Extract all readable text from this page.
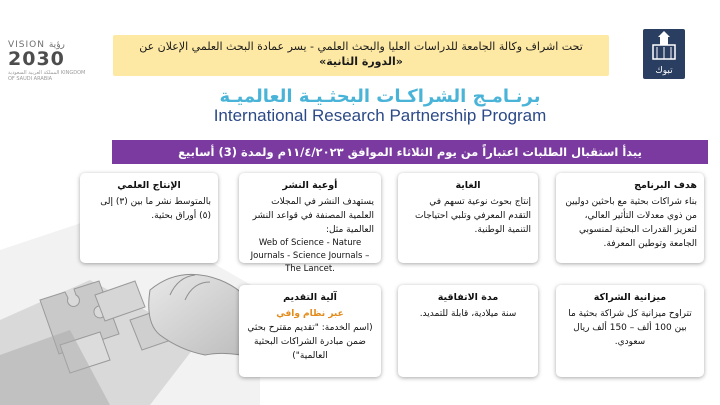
VISION رؤية
2030
المملكة العربية السعودية KINGDOM OF SAUDI ARABIA
تبوك
تحت اشراف وكالة الجامعة للدراسات العليا والبحث العلمي - يسر عمادة البحث العلمي الإعلان عن
«الدورة الثانية»
برنـامـج الشراكـات البحثـيـة العالميـة
International Research Partnership Program
يبدأ استقبال الطلبات اعتباراً من يوم الثلاثاء الموافق ١١/٤/٢٠٢٣م ولمدة (3) أسابيع
هدف البرنامج
بناء شراكات بحثية مع باحثين دوليين من ذوي معدلات التأثير العالي، لتعزيز القدرات البحثية لمنسوبي الجامعة وتوطين المعرفة.
الغاية
إنتاج بحوث نوعية تسهم في التقدم المعرفي وتلبي احتياجات التنمية الوطنية.
أوعية النشر
يستهدف النشر في المجلات العلمية المصنفة في قواعد النشر العالمية مثل:
Web of Science - Nature Journals - Science Journals –The Lancet.
الإنتاج العلمي
بالمتوسط نشر ما بين (٣) إلى (٥) أوراق بحثية.
ميزانية الشراكة
تتراوح ميزانية كل شراكة بحثية ما بين 100 ألف – 150 ألف ريال سعودي.
مدة الاتفاقية
سنة ميلادية، قابلة للتمديد.
آلية التقديم
عبر نظام وافي
(اسم الخدمة: "تقديم مقترح بحثي ضمن مبادرة الشراكات البحثية العالمية")
